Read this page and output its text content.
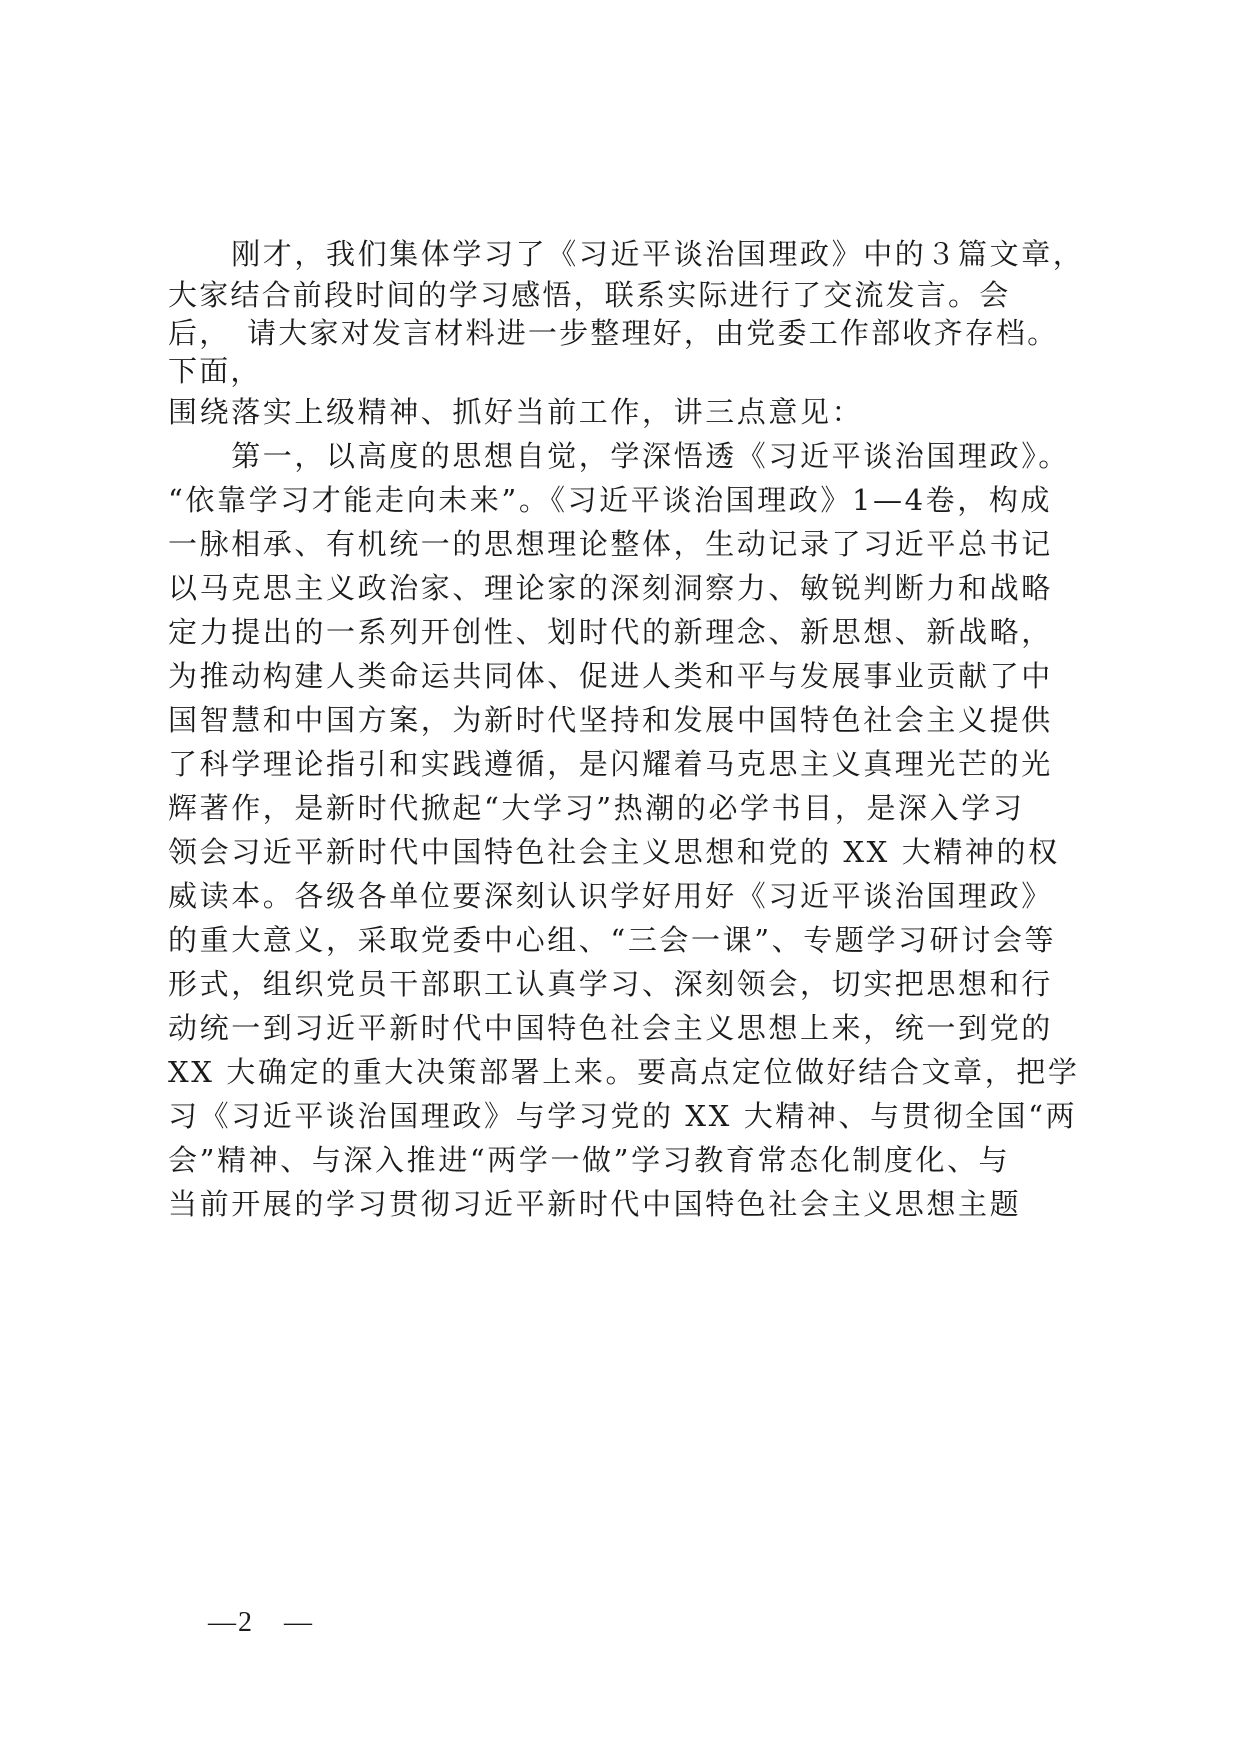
　　刚才，我们集体学习了《习近平谈治国理政》中的３篇文章，
大家结合前段时间的学习感悟，联系实际进行了交流发言。会
后，　请大家对发言材料进一步整理好，由党委工作部收齐存档。
下面，
围绕落实上级精神、抓好当前工作，讲三点意见：
　　第一，以高度的思想自觉，学深悟透《习近平谈治国理政》。
“依靠学习才能走向未来”。《习近平谈治国理政》1—4卷，构成
一脉相承、有机统一的思想理论整体，生动记录了习近平总书记
以马克思主义政治家、理论家的深刻洞察力、敏锐判断力和战略
定力提出的一系列开创性、划时代的新理念、新思想、新战略，
为推动构建人类命运共同体、促进人类和平与发展事业贡献了中
国智慧和中国方案，为新时代坚持和发展中国特色社会主义提供
了科学理论指引和实践遵循，是闪耀着马克思主义真理光芒的光
辉著作，是新时代掀起“大学习”热潮的必学书目，是深入学习
领会习近平新时代中国特色社会主义思想和党的 XX 大精神的权
威读本。各级各单位要深刻认识学好用好《习近平谈治国理政》
的重大意义，采取党委中心组、“三会一课”、专题学习研讨会等
形式，组织党员干部职工认真学习、深刻领会，切实把思想和行
动统一到习近平新时代中国特色社会主义思想上来，统一到党的
XX 大确定的重大决策部署上来。要高点定位做好结合文章，把学
习《习近平谈治国理政》与学习党的 XX 大精神、与贯彻全国“两
会”精神、与深入推进“两学一做”学习教育常态化制度化、与
当前开展的学习贯彻习近平新时代中国特色社会主义思想主题
—2　—
